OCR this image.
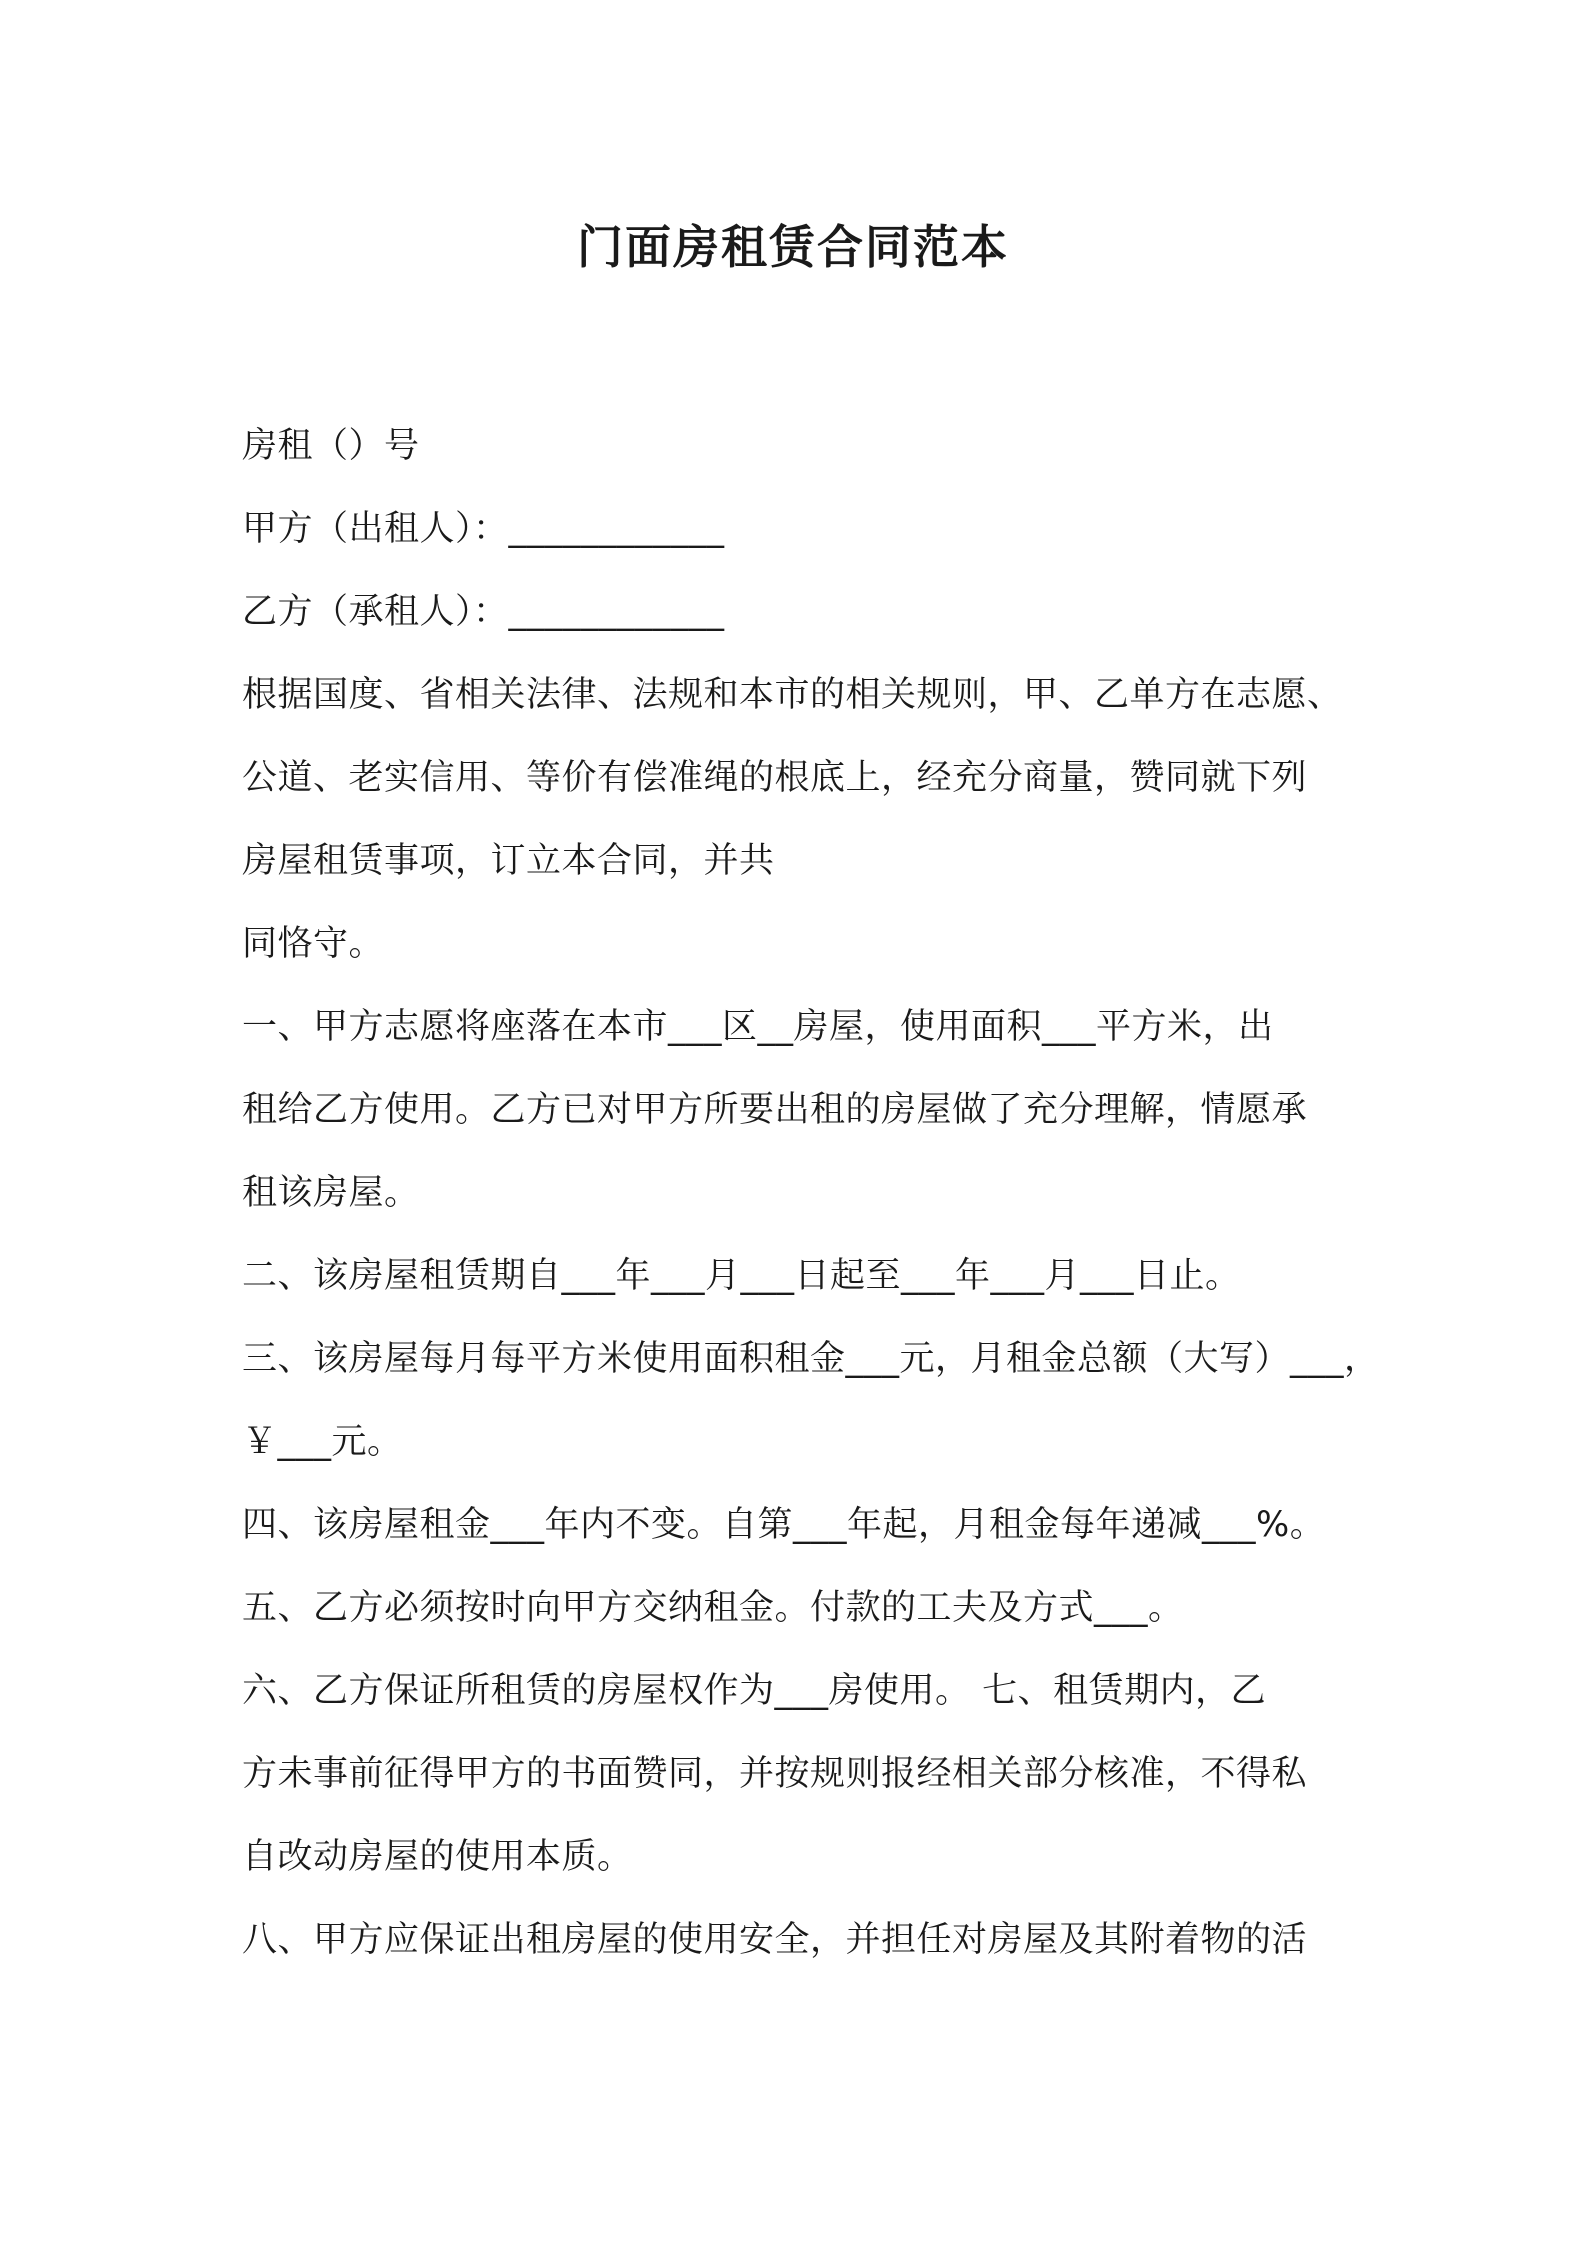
门面房租赁合同范本
房租（）号
甲方（出租人）：____________
乙方（承租人）：____________
根据国度、省相关法律、法规和本市的相关规则，甲、乙单方在志愿、
公道、老实信用、等价有偿准绳的根底上，经充分商量，赞同就下列
房屋租赁事项，订立本合同，并共
同恪守。
一、甲方志愿将座落在本市___区__房屋，使用面积___平方米，出
租给乙方使用。乙方已对甲方所要出租的房屋做了充分理解，情愿承
租该房屋。
二、该房屋租赁期自___年___月___日起至___年___月___日止。
三、该房屋每月每平方米使用面积租金___元，月租金总额（大写）___，
￥___元。
四、该房屋租金___年内不变。自第___年起，月租金每年递减___%。
五、乙方必须按时向甲方交纳租金。付款的工夫及方式___。
六、乙方保证所租赁的房屋权作为___房使用。 七、租赁期内，乙
方未事前征得甲方的书面赞同，并按规则报经相关部分核准，不得私
自改动房屋的使用本质。
八、甲方应保证出租房屋的使用安全，并担任对房屋及其附着物的活
